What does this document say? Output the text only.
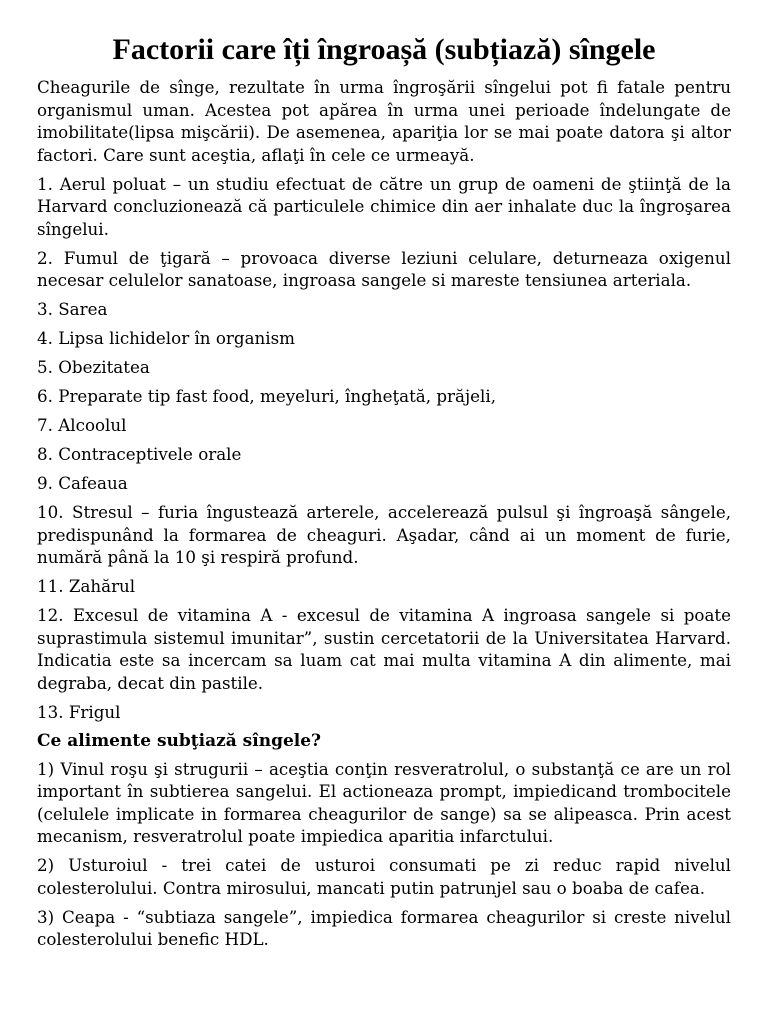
Factorii care îți îngroașă (subțiază) sîngele

Cheagurile de sînge, rezultate în urma îngroşării sîngelui pot fi fatale pentru organismul uman. Acestea pot apărea în urma unei perioade îndelungate de imobilitate(lipsa mişcării). De asemenea, apariţia lor se mai poate datora şi altor factori. Care sunt aceştia, aflaţi în cele ce urmeayă.

1. Aerul poluat – un studiu efectuat de către un grup de oameni de ştiinţă de la Harvard concluzionează că particulele chimice din aer inhalate duc la îngroşarea sîngelui.

2. Fumul de ţigară – provoaca diverse leziuni celulare, deturneaza oxigenul necesar celulelor sanatoase, ingroasa sangele si mareste tensiunea arteriala.

3. Sarea

4. Lipsa lichidelor în organism

5. Obezitatea

6. Preparate tip fast food, meyeluri, îngheţată, prăjeli,

7. Alcoolul

8. Contraceptivele orale

9. Cafeaua

10. Stresul – furia îngustează arterele, accelerează pulsul şi îngroaşă sângele, predispunând la formarea de cheaguri. Aşadar, când ai un moment de furie, numără până la 10 şi respiră profund.

11. Zahărul

12. Excesul de vitamina A - excesul de vitamina A ingroasa sangele si poate suprastimula sistemul imunitar”, sustin cercetatorii de la Universitatea Harvard. Indicatia este sa incercam sa luam cat mai multa vitamina A din alimente, mai degraba, decat din pastile.

13. Frigul

Ce alimente subţiază sîngele?

1) Vinul roşu şi strugurii – aceştia conţin resveratrolul, o substanţă ce are un rol important în subtierea sangelui. El actioneaza prompt, impiedicand trombocitele (celulele implicate in formarea cheagurilor de sange) sa se alipeasca. Prin acest mecanism, resveratrolul poate impiedica aparitia infarctului.

2) Usturoiul - trei catei de usturoi consumati pe zi reduc rapid nivelul colesterolului. Contra mirosului, mancati putin patrunjel sau o boaba de cafea.

3) Ceapa - “subtiaza sangele”, impiedica formarea cheagurilor si creste nivelul colesterolului benefic HDL.
